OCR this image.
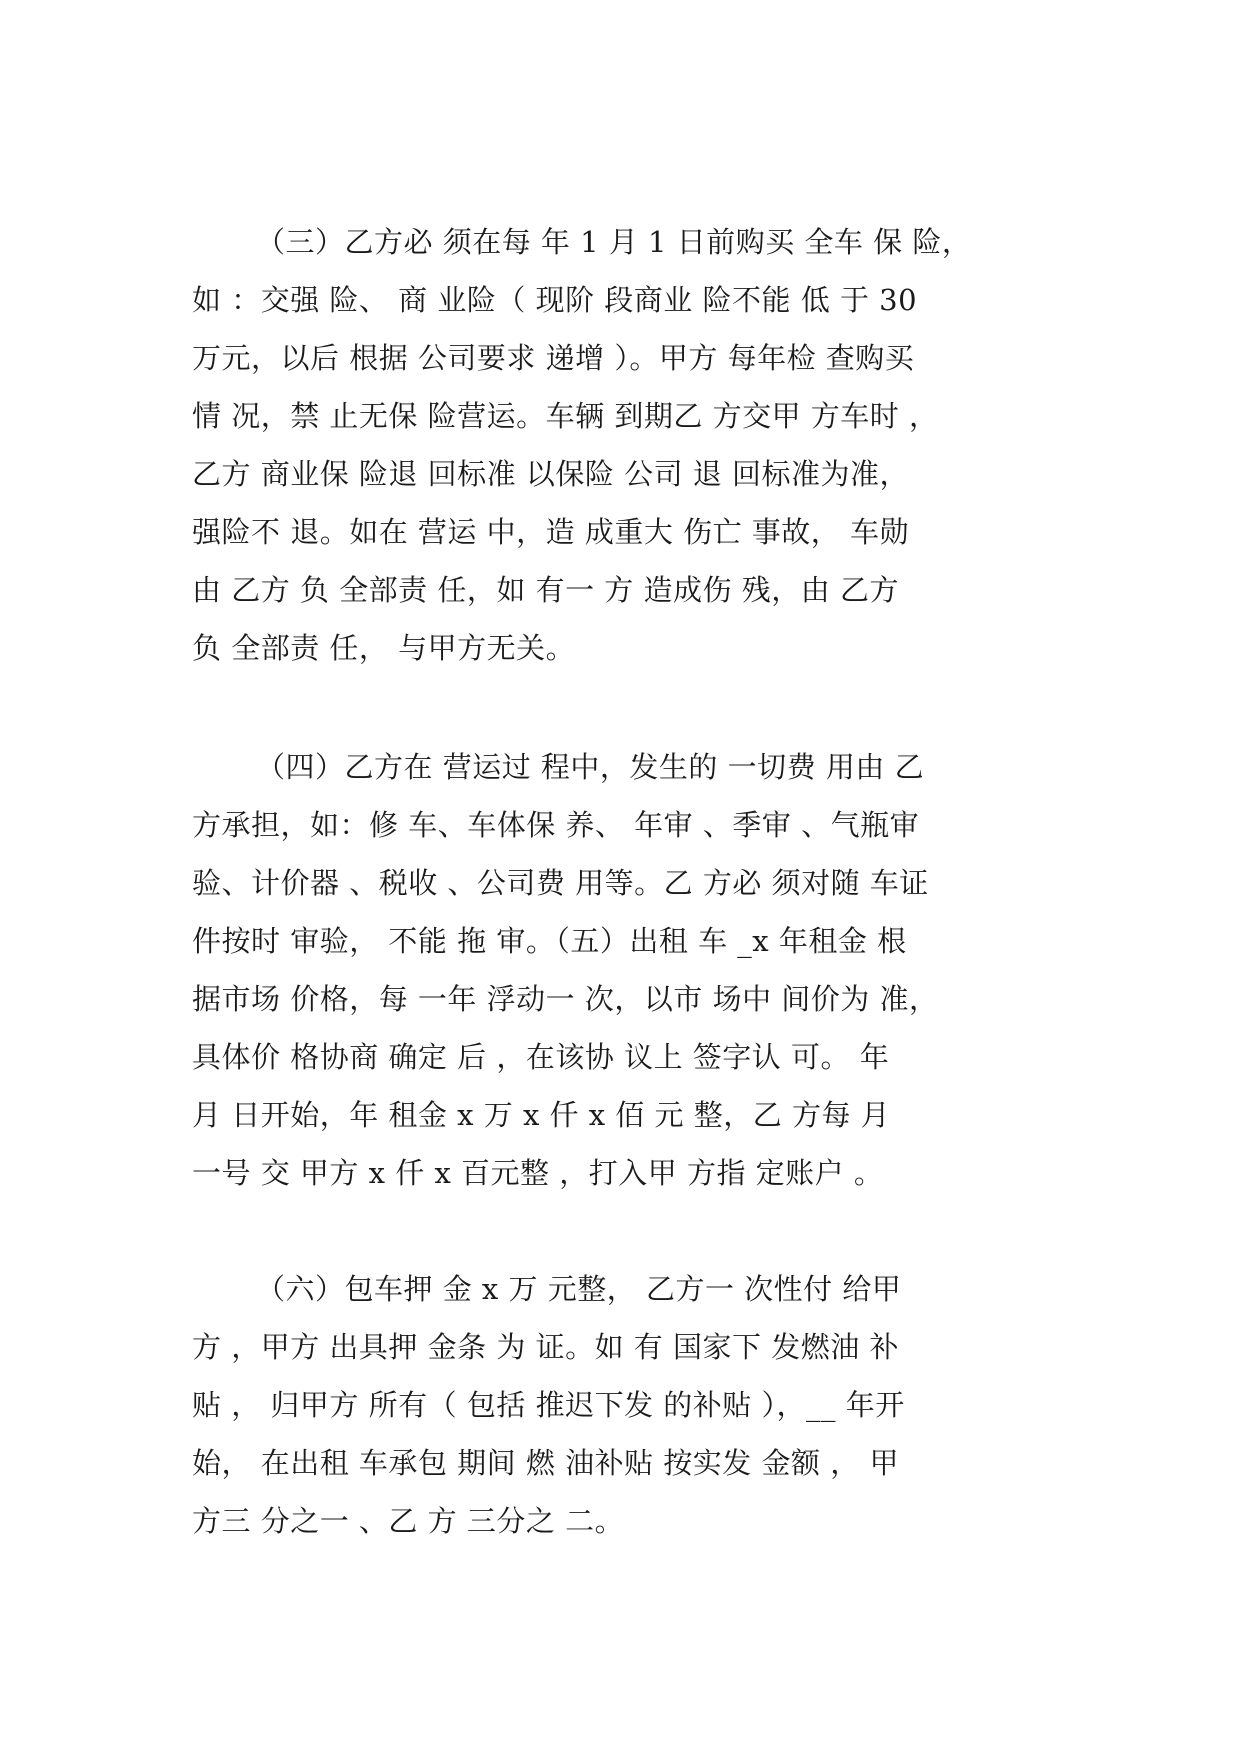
（三）乙方必 须在每 年 1 月 1 日前购买 全车 保 险，
如 ：交强 险、 商 业险（ 现阶 段商业 险不能 低 于 30
万元，以后 根据 公司要求 递增 ）。甲方 每年检 查购买
情 况，禁 止无保 险营运。车辆 到期乙 方交甲 方车时 ，
乙方 商业保 险退 回标准 以保险 公司 退 回标准为准，
强险不 退。如在 营运 中，造 成重大 伤亡 事故， 车勋
由 乙方 负 全部责 任，如 有一 方 造成伤 残，由 乙方
负 全部责 任， 与甲方无关。
（四）乙方在 营运过 程中，发生的 一切费 用由 乙
方承担，如：修 车、车体保 养、 年审 、季审 、气瓶审
验、计价器 、税收 、公司费 用等。乙 方必 须对随 车证
件按时 审验， 不能 拖 审。（五）出租 车 _x 年租金 根
据市场 价格，每 一年 浮动一 次，以市 场中 间价为 准，
具体价 格协商 确定 后 ，在该协 议上 签字认 可。 年
月 日开始，年 租金 x 万 x 仟 x 佰 元 整，乙 方每 月
一号 交 甲方 x 仟 x 百元整 ，打入甲 方指 定账户 。
（六）包车押 金 x 万 元整， 乙方一 次性付 给甲
方 ，甲方 出具押 金条 为 证。如 有 国家下 发燃油 补
贴 ， 归甲方 所有（ 包括 推迟下发 的补贴 ），__ 年开
始， 在出租 车承包 期间 燃 油补贴 按实发 金额 ， 甲
方三 分之一 、乙 方 三分之 二。
